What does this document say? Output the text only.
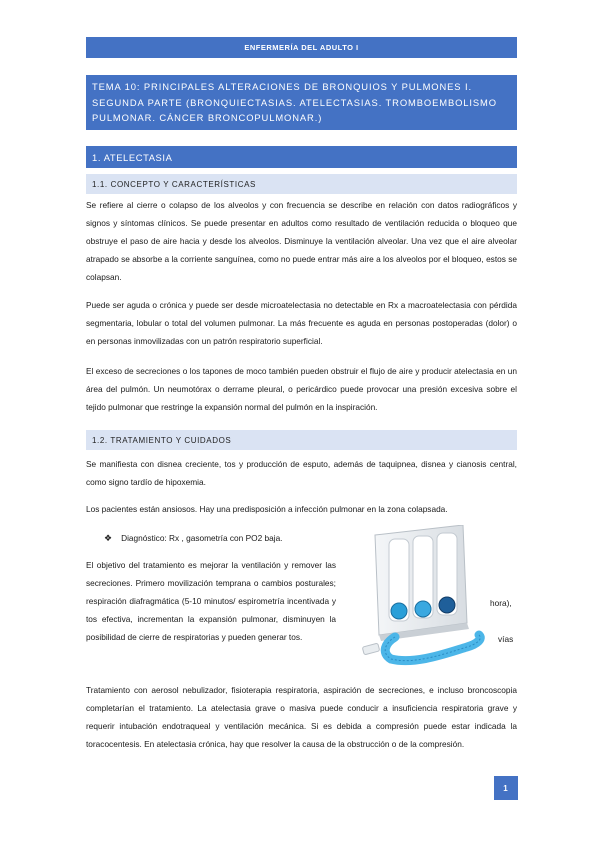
ENFERMERÍA DEL ADULTO I
TEMA 10: PRINCIPALES ALTERACIONES DE BRONQUIOS Y PULMONES I. SEGUNDA PARTE (BRONQUIECTASIAS. ATELECTASIAS. TROMBOEMBOLISMO PULMONAR. CÁNCER BRONCOPULMONAR.)
1. ATELECTASIA
1.1. CONCEPTO Y CARACTERÍSTICAS
Se refiere al cierre o colapso de los alveolos y con frecuencia se describe en relación con datos radiográficos y signos y síntomas clínicos. Se puede presentar en adultos como resultado de ventilación reducida o bloqueo que obstruye el paso de aire hacia y desde los alveolos. Disminuye la ventilación alveolar. Una vez que el aire alveolar atrapado se absorbe a la corriente sanguínea, como no puede entrar más aire a los alveolos por el bloqueo, estos se colapsan.
Puede ser aguda o crónica y puede ser desde microatelectasia no detectable en Rx a macroatelectasia con pérdida segmentaria, lobular o total del volumen pulmonar. La más frecuente es aguda en personas postoperadas (dolor) o en personas inmovilizadas con un patrón respiratorio superficial.
El exceso de secreciones o los tapones de moco también pueden obstruir el flujo de aire y producir atelectasia en un área del pulmón. Un neumotórax o derrame pleural, o pericárdico puede provocar una presión excesiva sobre el tejido pulmonar que restringe la expansión normal del pulmón en la inspiración.
1.2. TRATAMIENTO Y CUIDADOS
Se manifiesta con disnea creciente, tos y producción de esputo, además de taquipnea, disnea y cianosis central, como signo tardío de hipoxemia.
Los pacientes están ansiosos. Hay una predisposición a infección pulmonar en la zona colapsada.
❖ Diagnóstico: Rx , gasometría con PO2 baja.
El objetivo del tratamiento es mejorar la ventilación y remover las secreciones. Primero movilización temprana o cambios posturales; respiración diafragmática (5-10 minutos/ espirometría incentivada y tos efectiva, incrementan la expansión pulmonar, disminuyen la posibilidad de cierre de respiratorias y pueden generar tos.
hora),
vías
Tratamiento con aerosol nebulizador, fisioterapia respiratoria, aspiración de secreciones, e incluso broncoscopia completarían el tratamiento. La atelectasia grave o masiva puede conducir a insuficiencia respiratoria grave y requerir intubación endotraqueal y ventilación mecánica. Si es debida a compresión puede estar indicada la toracocentesis. En atelectasia crónica, hay que resolver la causa de la obstrucción o de la compresión.
1
